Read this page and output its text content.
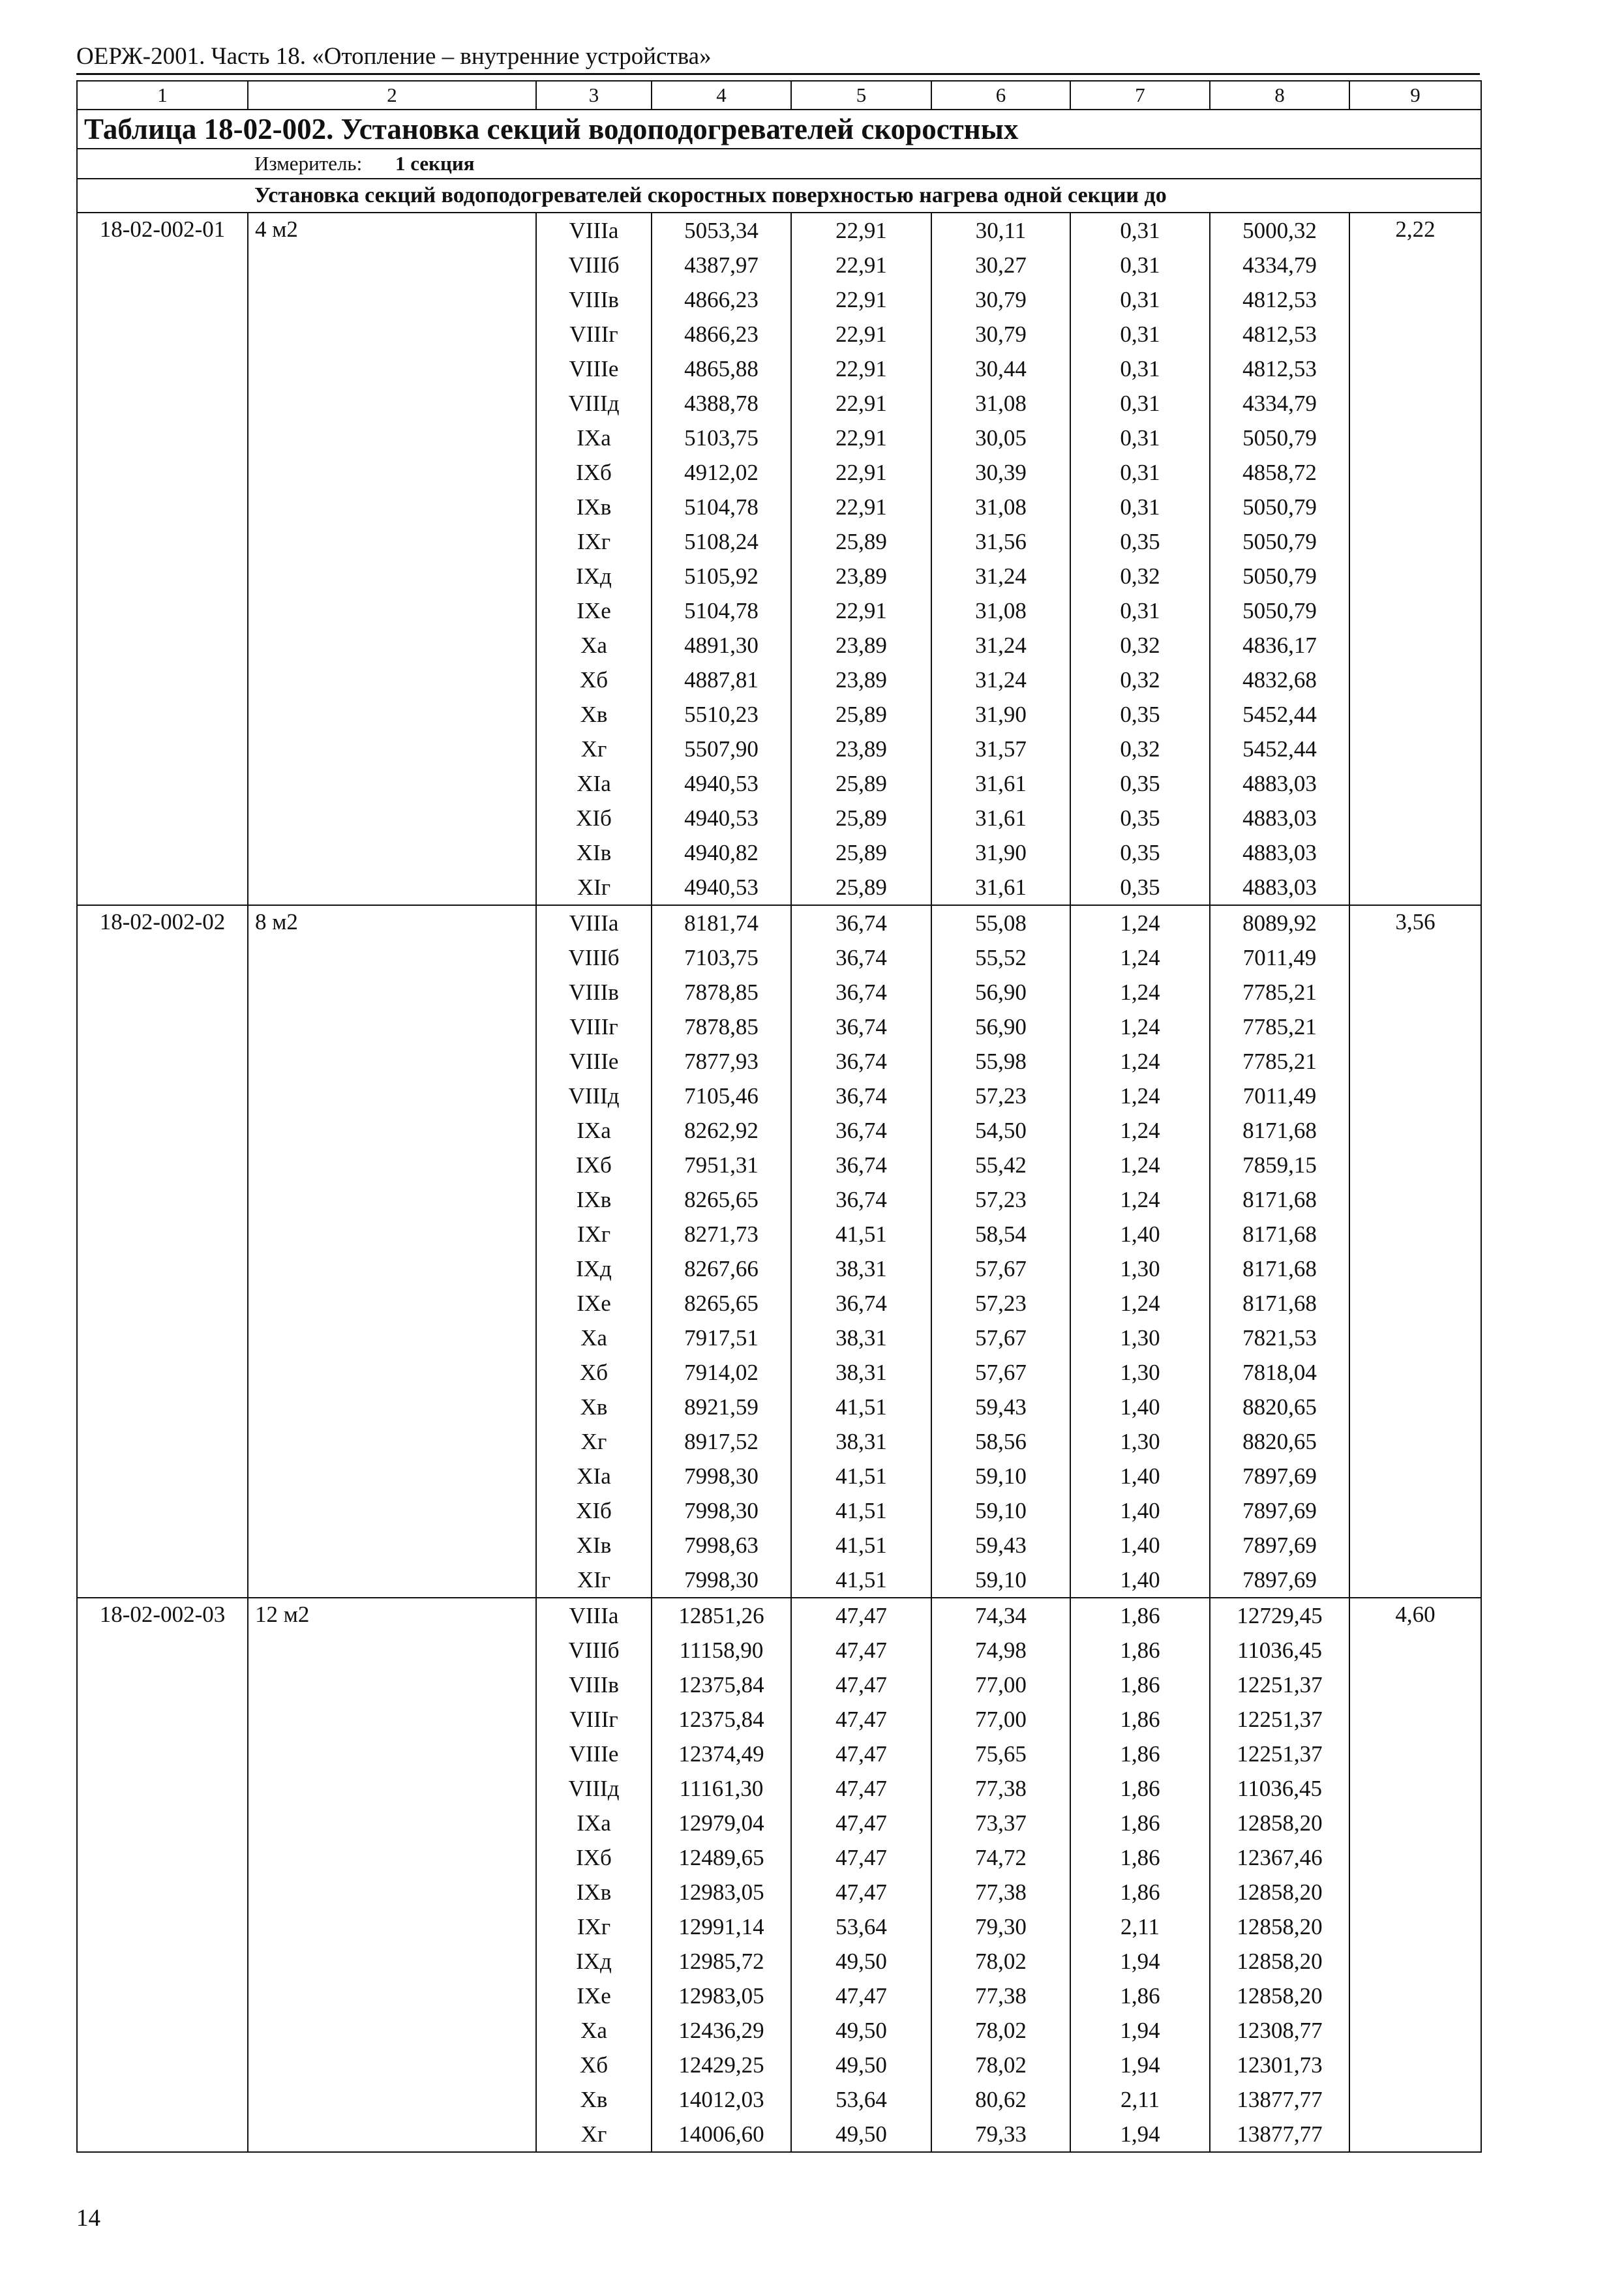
ОЕРЖ-2001. Часть 18. «Отопление – внутренние устройства»
1	2	3	4	5	6	7	8	9
Таблица 18-02-002. Установка секций водоподогревателей скоростных								
Измеритель: 1 секция								
Установка секций водоподогревателей скоростных поверхностью нагрева одной секции до								
18-02-002-01	4 м2	VIIIа	5053,34	22,91	30,11	0,31	5000,32	2,22
		VIIIб	4387,97	22,91	30,27	0,31	4334,79	
		VIIIв	4866,23	22,91	30,79	0,31	4812,53	
		VIIIг	4866,23	22,91	30,79	0,31	4812,53	
		VIIIе	4865,88	22,91	30,44	0,31	4812,53	
		VIIIд	4388,78	22,91	31,08	0,31	4334,79	
		IXа	5103,75	22,91	30,05	0,31	5050,79	
		IXб	4912,02	22,91	30,39	0,31	4858,72	
		IXв	5104,78	22,91	31,08	0,31	5050,79	
		IXг	5108,24	25,89	31,56	0,35	5050,79	
		IXд	5105,92	23,89	31,24	0,32	5050,79	
		IXе	5104,78	22,91	31,08	0,31	5050,79	
		Xа	4891,30	23,89	31,24	0,32	4836,17	
		Xб	4887,81	23,89	31,24	0,32	4832,68	
		Xв	5510,23	25,89	31,90	0,35	5452,44	
		Xг	5507,90	23,89	31,57	0,32	5452,44	
		XIа	4940,53	25,89	31,61	0,35	4883,03	
		XIб	4940,53	25,89	31,61	0,35	4883,03	
		XIв	4940,82	25,89	31,90	0,35	4883,03	
		XIг	4940,53	25,89	31,61	0,35	4883,03	
18-02-002-02	8 м2	VIIIа	8181,74	36,74	55,08	1,24	8089,92	3,56
		VIIIб	7103,75	36,74	55,52	1,24	7011,49	
		VIIIв	7878,85	36,74	56,90	1,24	7785,21	
		VIIIг	7878,85	36,74	56,90	1,24	7785,21	
		VIIIе	7877,93	36,74	55,98	1,24	7785,21	
		VIIIд	7105,46	36,74	57,23	1,24	7011,49	
		IXа	8262,92	36,74	54,50	1,24	8171,68	
		IXб	7951,31	36,74	55,42	1,24	7859,15	
		IXв	8265,65	36,74	57,23	1,24	8171,68	
		IXг	8271,73	41,51	58,54	1,40	8171,68	
		IXд	8267,66	38,31	57,67	1,30	8171,68	
		IXе	8265,65	36,74	57,23	1,24	8171,68	
		Xа	7917,51	38,31	57,67	1,30	7821,53	
		Xб	7914,02	38,31	57,67	1,30	7818,04	
		Xв	8921,59	41,51	59,43	1,40	8820,65	
		Xг	8917,52	38,31	58,56	1,30	8820,65	
		XIа	7998,30	41,51	59,10	1,40	7897,69	
		XIб	7998,30	41,51	59,10	1,40	7897,69	
		XIв	7998,63	41,51	59,43	1,40	7897,69	
		XIг	7998,30	41,51	59,10	1,40	7897,69	
18-02-002-03	12 м2	VIIIа	12851,26	47,47	74,34	1,86	12729,45	4,60
		VIIIб	11158,90	47,47	74,98	1,86	11036,45	
		VIIIв	12375,84	47,47	77,00	1,86	12251,37	
		VIIIг	12375,84	47,47	77,00	1,86	12251,37	
		VIIIе	12374,49	47,47	75,65	1,86	12251,37	
		VIIIд	11161,30	47,47	77,38	1,86	11036,45	
		IXа	12979,04	47,47	73,37	1,86	12858,20	
		IXб	12489,65	47,47	74,72	1,86	12367,46	
		IXв	12983,05	47,47	77,38	1,86	12858,20	
		IXг	12991,14	53,64	79,30	2,11	12858,20	
		IXд	12985,72	49,50	78,02	1,94	12858,20	
		IXе	12983,05	47,47	77,38	1,86	12858,20	
		Xа	12436,29	49,50	78,02	1,94	12308,77	
		Xб	12429,25	49,50	78,02	1,94	12301,73	
		Xв	14012,03	53,64	80,62	2,11	13877,77	
		Xг	14006,60	49,50	79,33	1,94	13877,77	
14
